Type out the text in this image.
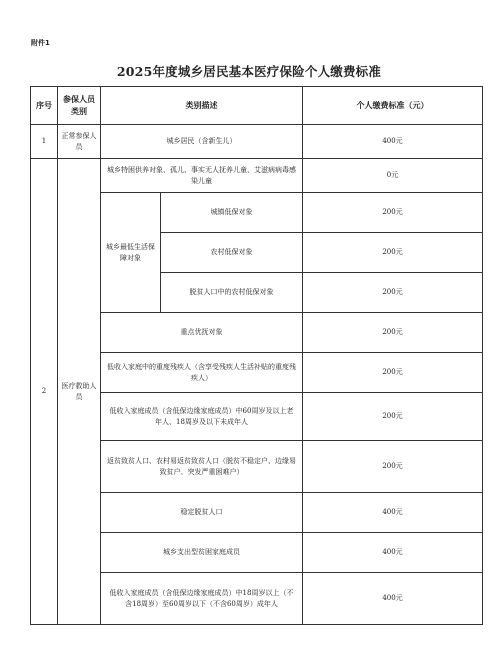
附件1
2025年度城乡居民基本医疗保险个人缴费标准
序号	参保人员类别	类别描述		个人缴费标准（元）
1	正常参保人员	城乡居民（含新生儿）		400元
2	医疗救助人员	城乡特困供养对象、孤儿、事实无人抚养儿童、艾滋病病毒感染儿童		0元
		城乡最低生活保障对象	城镇低保对象	200元
			农村低保对象	200元
			脱贫人口中的农村低保对象	200元
		重点优抚对象		200元
		低收入家庭中的重度残疾人（含享受残疾人生活补贴的重度残疾人）		200元
		低收入家庭成员（含低保边缘家庭成员）中60周岁及以上老年人、18周岁及以下未成年人		200元
		返贫致贫人口、农村易返贫致贫人口（脱贫不稳定户、边缘易致贫户、突发严重困难户）		200元
		稳定脱贫人口		400元
		城乡支出型贫困家庭成员		400元
		低收入家庭成员（含低保边缘家庭成员）中18周岁以上（不含18周岁）至60周岁以下（不含60周岁）成年人		400元
